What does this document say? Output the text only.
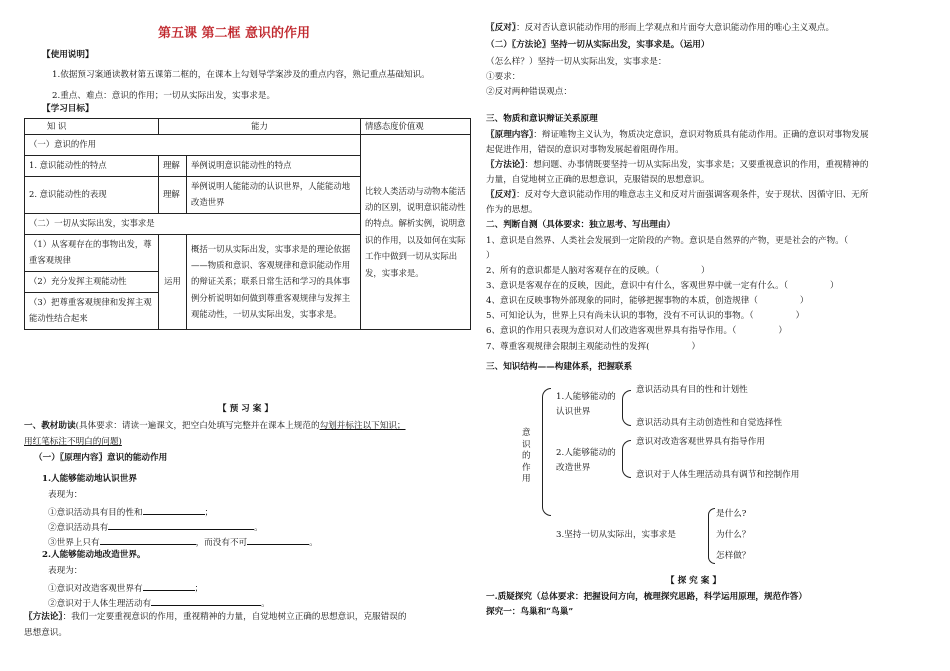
第五课 第二框 意识的作用
【使用说明】
1.依据预习案通读教材第五课第二框的，在课本上勾划导学案涉及的重点内容，熟记重点基础知识。
2.重点、难点：意识的作用；一切从实际出发，实事求是。
【学习目标】
知 识	能力		情感态度价值观
（一）意识的作用			比较人类活动与动物本能活动的区别，说明意识能动性的特点。解析实例，说明意识的作用，以及如何在实际工作中做到一切从实际出发，实事求是。
1. 意识能动性的特点	理解	举例说明意识能动性的特点	
2. 意识能动性的表现	理解	举例说明人能能动的认识世界，人能能动地改造世界	
（二）一切从实际出发，实事求是			
（1）从客观存在的事物出发，尊重客观规律	运用	概括一切从实际出发，实事求是的理论依据——物质和意识、客观规律和意识能动作用的辩证关系；联系日常生活和学习的具体事例分析说明如何做到尊重客观规律与发挥主观能动性，一切从实际出发，实事求是。	
（2）充分发挥主观能动性			
（3）把尊重客观规律和发挥主观能动性结合起来			
【 预 习 案 】
一、教材助读(具体要求：请读一遍课文，把空白处填写完整并在课本上规范的勾划并标注以下知识；
用红笔标注不明白的问题)
（一）〖原理内容〗意识的能动作用
1.人能够能动地认识世界
表现为：
①意识活动具有目的性和	；
②意识活动具有	。
③世界上只有	，而没有不可	。
2.人能够能动地改造世界。
表现为：
①意识对改造客观世界有	；
②意识对于人体生理活动有	。
〖方法论〗：我们一定要重视意识的作用，重视精神的力量，自觉地树立正确的思想意识，克服错误的
思想意识。
〖反对〗：反对否认意识能动作用的形而上学观点和片面夸大意识能动作用的唯心主义观点。
（二）〖方法论〗坚持一切从实际出发，实事求是。（运用）
（怎么样？）坚持一切从实际出发，实事求是：
①要求：
②反对两种错误观点：
三、物质和意识辩证关系原理
〖原理内容〗：辩证唯物主义认为，物质决定意识，意识对物质具有能动作用。正确的意识对事物发展
起促进作用，错误的意识对事物发展起着阻碍作用。
〖方法论〗：想问题、办事情既要坚持一切从实际出发，实事求是；又要重视意识的作用，重视精神的
力量，自觉地树立正确的思想意识，克服错误的思想意识。
〖反对〗：反对夸大意识能动作用的唯意志主义和反对片面强调客观条件，安于现状、因循守旧、无所
作为的思想。
二、判断自测（具体要求：独立思考、写出理由）
1、意识是自然界、人类社会发展到一定阶段的产物。意识是自然界的产物，更是社会的产物。（
）
2、所有的意识都是人脑对客观存在的反映。（	）
3、意识是客观存在的反映，因此，意识中有什么，客观世界中就一定有什么。（	）
4、意识在反映事物外部现象的同时，能够把握事物的本质，创造规律（	）
5、可知论认为，世界上只有尚未认识的事物，没有不可认识的事物。（	）
6、意识的作用只表现为意识对人们改造客观世界具有指导作用。（	）
7、尊重客观规律会限制主观能动性的发挥(	）
三、知识结构——构建体系，把握联系
意识的作用
1.人能够能动的认识世界
意识活动具有目的性和计划性
意识活动具有主动创造性和自觉选择性
2.人能够能动的改造世界
意识对改造客观世界具有指导作用
意识对于人体生理活动具有调节和控制作用
3.坚持一切从实际出，实事求是
是什么?
为什么？
怎样做？
【 探 究 案 】
一.质疑探究（总体要求：把握设问方向，梳理探究思路，科学运用原理，规范作答）
探究一：鸟巢和“鸟巢”
